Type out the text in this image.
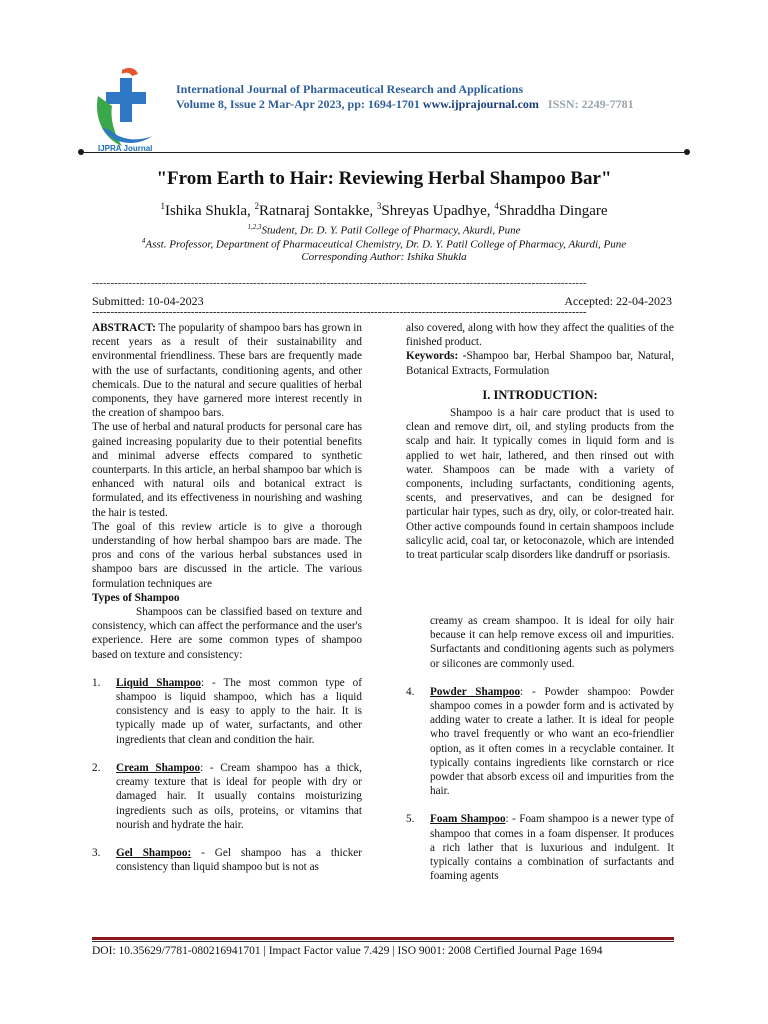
IJPRA Journal
International Journal of Pharmaceutical Research and Applications
Volume 8, Issue 2 Mar-Apr 2023, pp: 1694-1701 www.ijprajournal.com ISSN: 2249-7781
"From Earth to Hair: Reviewing Herbal Shampoo Bar"
$^1$Ishika Shukla, $^2$Ratnaraj Sontakke, $^3$Shreyas Upadhye, $^4$Shraddha Dingare
$^{1,2,3}$Student, Dr. D. Y. Patil College of Pharmacy, Akurdi, Pune
$^4$Asst. Professor, Department of Pharmaceutical Chemistry, Dr. D. Y. Patil College of Pharmacy, Akurdi, Pune
Corresponding Author: Ishika Shukla
---------------------------------------------------------------------------------------------------------------------------------------
Submitted: 10-04-2023	Accepted: 22-04-2023
---------------------------------------------------------------------------------------------------------------------------------------

ABSTRACT: The popularity of shampoo bars has grown in recent years as a result of their sustainability and environmental friendliness. These bars are frequently made with the use of surfactants, conditioning agents, and other chemicals. Due to the natural and secure qualities of herbal components, they have garnered more interest recently in the creation of shampoo bars.

The use of herbal and natural products for personal care has gained increasing popularity due to their potential benefits and minimal adverse effects compared to synthetic counterparts. In this article, an herbal shampoo bar which is enhanced with natural oils and botanical extract is formulated, and its effectiveness in nourishing and washing the hair is tested.

The goal of this review article is to give a thorough understanding of how herbal shampoo bars are made. The pros and cons of the various herbal substances used in shampoo bars are discussed in the article. The various formulation techniques are

Types of Shampoo

Shampoos can be classified based on texture and consistency, which can affect the performance and the user's experience. Here are some common types of shampoo based on texture and consistency:

1. Liquid Shampoo: - The most common type of shampoo is liquid shampoo, which has a liquid consistency and is easy to apply to the hair. It is typically made up of water, surfactants, and other ingredients that clean and condition the hair.
2. Cream Shampoo: - Cream shampoo has a thick, creamy texture that is ideal for people with dry or damaged hair. It usually contains moisturizing ingredients such as oils, proteins, or vitamins that nourish and hydrate the hair.
3. Gel Shampoo: - Gel shampoo has a thicker consistency than liquid shampoo but is not as

also covered, along with how they affect the qualities of the finished product.

Keywords: -Shampoo bar, Herbal Shampoo bar, Natural, Botanical Extracts, Formulation

I. INTRODUCTION:

Shampoo is a hair care product that is used to clean and remove dirt, oil, and styling products from the scalp and hair. It typically comes in liquid form and is applied to wet hair, lathered, and then rinsed out with water. Shampoos can be made with a variety of components, including surfactants, conditioning agents, scents, and preservatives, and can be designed for particular hair types, such as dry, oily, or color-treated hair. Other active compounds found in certain shampoos include salicylic acid, coal tar, or ketoconazole, which are intended to treat particular scalp disorders like dandruff or psoriasis.

creamy as cream shampoo. It is ideal for oily hair because it can help remove excess oil and impurities. Surfactants and conditioning agents such as polymers or silicones are commonly used.

4. Powder Shampoo: - Powder shampoo: Powder shampoo comes in a powder form and is activated by adding water to create a lather. It is ideal for people who travel frequently or who want an eco-friendlier option, as it often comes in a recyclable container. It typically contains ingredients like cornstarch or rice powder that absorb excess oil and impurities from the hair.
5. Foam Shampoo: - Foam shampoo is a newer type of shampoo that comes in a foam dispenser. It produces a rich lather that is luxurious and indulgent. It typically contains a combination of surfactants and foaming agents
DOI: 10.35629/7781-080216941701 | Impact Factor value 7.429 | ISO 9001: 2008 Certified Journal Page 1694
